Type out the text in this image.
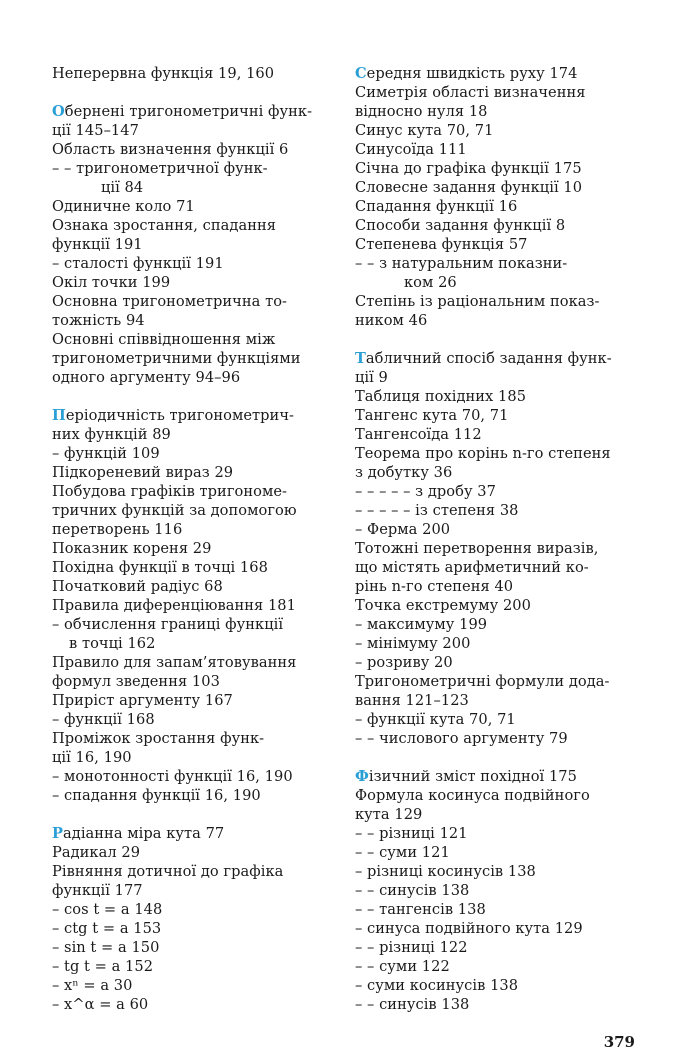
Неперервна функція 19, 160
Обернені тригонометричні функ-
ції 145–147
Область визначення функції 6
– – тригонометричної функ-
ції 84
Одиничне коло 71
Ознака зростання, спадання
функції 191
– сталості функції 191
Окіл точки 199
Основна тригонометрична то-
тожність 94
Основні співвідношення між
тригонометричними функціями
одного аргументу 94–96
Періодичність тригонометрич-
них функцій 89
– функцій 109
Підкореневий вираз 29
Побудова графіків тригономе-
тричних функцій за допомогою
перетворень 116
Показник кореня 29
Похідна функції в точці 168
Початковий радіус 68
Правила диференціювання 181
– обчислення границі функції
в точці 162
Правило для запам’ятовування
формул зведення 103
Приріст аргументу 167
– функції 168
Проміжок зростання функ-
ції 16, 190
– монотонності функції 16, 190
– спадання функції 16, 190
Радіанна міра кута 77
Радикал 29
Рівняння дотичної до графіка
функції 177
– cos t = a 148
– ctg t = a 153
– sin t = a 150
– tg t = a 152
– xⁿ = a 30
– x^α = a 60
Середня швидкість руху 174
Симетрія області визначення
відносно нуля 18
Синус кута 70, 71
Синусоїда 111
Січна до графіка функції 175
Словесне задання функції 10
Спадання функції 16
Способи задання функції 8
Степенева функція 57
– – з натуральним показни-
ком 26
Степінь із раціональним показ-
ником 46
Табличний спосіб задання функ-
ції 9
Таблиця похідних 185
Тангенс кута 70, 71
Тангенсоїда 112
Теорема про корінь n-го степеня
з добутку 36
– – – – – з дробу 37
– – – – – із степеня 38
– Ферма 200
Тотожні перетворення виразів,
що містять арифметичний ко-
рінь n-го степеня 40
Точка екстремуму 200
– максимуму 199
– мінімуму 200
– розриву 20
Тригонометричні формули дода-
вання 121–123
– функції кута 70, 71
– – числового аргументу 79
Фізичний зміст похідної 175
Формула косинуса подвійного
кута 129
– – різниці 121
– – суми 121
– різниці косинусів 138
– – синусів 138
– – тангенсів 138
– синуса подвійного кута 129
– – різниці 122
– – суми 122
– суми косинусів 138
– – синусів 138
379
